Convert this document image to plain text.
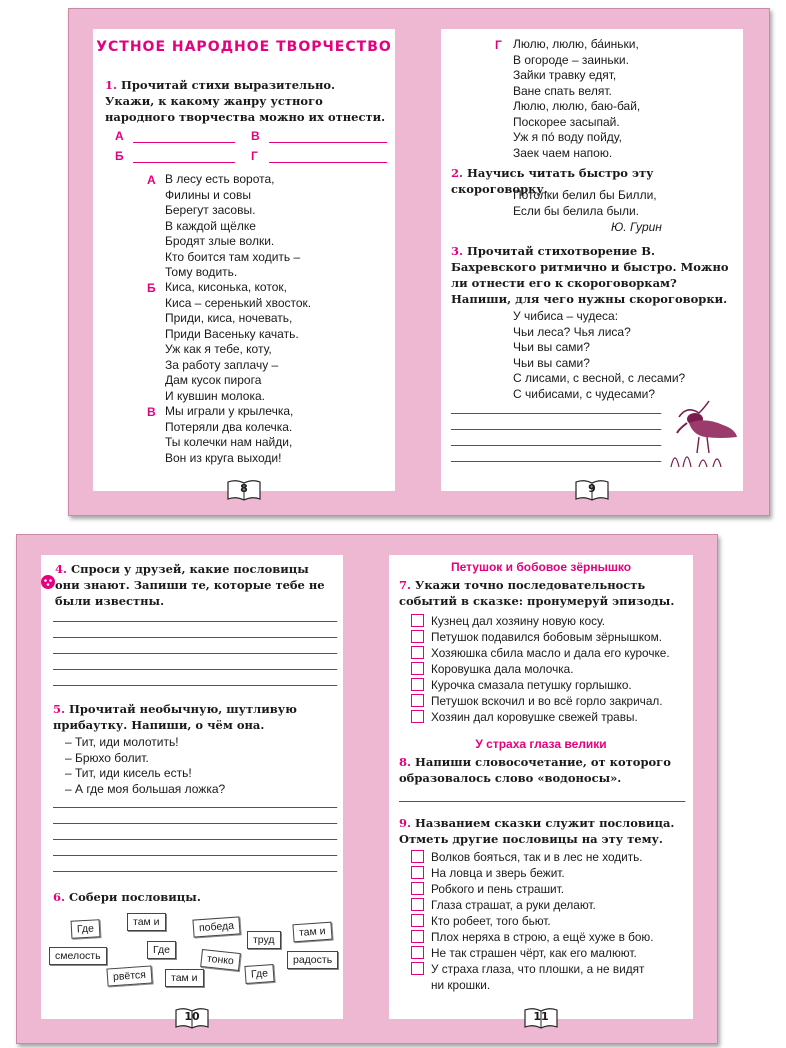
УСТНОЕ НАРОДНОЕ ТВОРЧЕСТВО
1. Прочитай стихи выразительно. Укажи, к какому жанру устного народного творчества можно их отнести.
А	В
Б	Г
А В лесу есть ворота,
Филины и совы
Берегут засовы.
В каждой щёлке
Бродят злые волки.
Кто боится там ходить –
Тому водить.
Б Киса, кисонька, коток,
Киса – серенький хвосток.
Приди, киса, ночевать,
Приди Васеньку качать.
Уж как я тебе, коту,
За работу заплачу –
Дам кусок пирога
И кувшин молока.
В Мы играли у крылечка,
Потеряли два колечка.
Ты колечки нам найди,
Вон из круга выходи!
8
Г Люлю, люлю, ба́иньки,
В огороде – заиньки.
Зайки травку едят,
Ване спать велят.
Люлю, люлю, баю-бай,
Поскорее засыпай.
Уж я по́ воду пойду,
Заек чаем напою.
2. Научись читать быстро эту скороговорку.
Потолки белил бы Билли,
Если бы белила были.
Ю. Гурин
3. Прочитай стихотворение В. Бахревского ритмично и быстро. Можно ли отнести его к скороговоркам? Напиши, для чего нужны скороговорки.
У чибиса – чудеса:
Чьи леса? Чья лиса?
Чьи вы сами?
Чьи вы сами?
С лисами, с весной, с лесами?
С чибисами, с чудесами?
9
4. Спроси у друзей, какие пословицы они знают. Запиши те, которые тебе не были известны.
5. Прочитай необычную, шутливую прибаутку. Напиши, о чём она.
– Тит, иди молотить!
– Брюхо болит.
– Тит, иди кисель есть!
– А где моя большая ложка?
6. Собери пословицы.
Где
там и	победа
труд
там и
смелость	Где
тонко
рвётся	там и	Где
радость
10
Петушок и бобовое зёрнышко
7. Укажи точно последовательность событий в сказке: пронумеруй эпизоды.
Кузнец дал хозяину новую косу.
Петушок подавился бобовым зёрнышком.
Хозяюшка сбила масло и дала его курочке.
Коровушка дала молочка.
Курочка смазала петушку горлышко.
Петушок вскочил и во всё горло закричал.
Хозяин дал коровушке свежей травы.
У страха глаза велики
8. Напиши словосочетание, от которого образовалось слово «водоносы».
9. Названием сказки служит пословица. Отметь другие пословицы на эту тему.
Волков бояться, так и в лес не ходить.
На ловца и зверь бежит.
Робкого и пень страшит.
Глаза страшат, а руки делают.
Кто робеет, того бьют.
Плох неряха в строю, а ещё хуже в бою.
Не так страшен чёрт, как его малюют.
У страха глаза, что плошки, а не видят
ни крошки.
11
